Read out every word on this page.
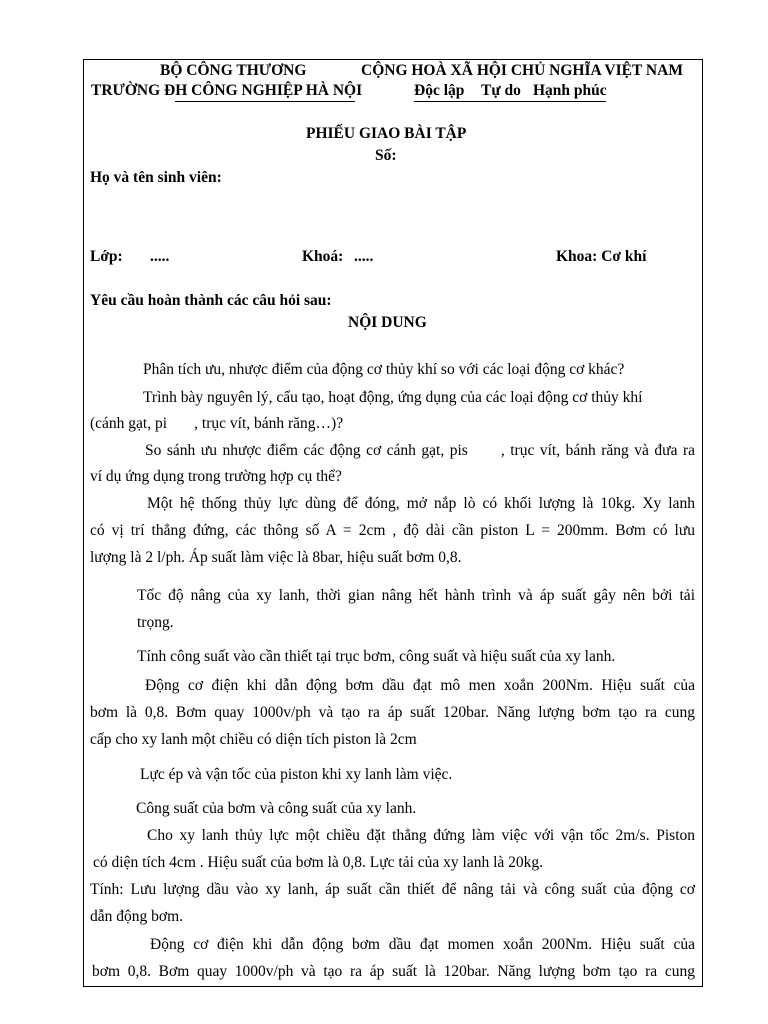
BỘ CÔNG THƯƠNG
TRƯỜNG ĐH CÔNG NGHIỆP HÀ NỘI
CỘNG HOÀ XÃ HỘI CHỦ NGHĨA VIỆT NAM
Độc lập Tự do Hạnh phúc
PHIẾU GIAO BÀI TẬP
Số:
Họ và tên sinh viên:
Lớp: .....	Khoá: .....	Khoa: Cơ khí
Yêu cầu hoàn thành các câu hỏi sau:
NỘI DUNG
Phân tích ưu, nhược điểm của động cơ thủy khí so với các loại động cơ khác?
Trình bày nguyên lý, cấu tạo, hoạt động, ứng dụng của các loại động cơ thủy khí
(cánh gạt, pi       , trục vít, bánh răng…)?
So sánh ưu nhược điểm các động cơ cánh gạt, pis      , trục vít, bánh răng và đưa ra
ví dụ ứng dụng trong trường hợp cụ thể?
Một hệ thống thủy lực dùng để đóng, mở nắp lò có khối lượng là 10kg. Xy lanh
có vị trí thẳng đứng, các thông số A = 2cm , độ dài cần piston L = 200mm. Bơm có lưu
lượng là 2 l/ph. Áp suất làm việc là 8bar, hiệu suất bơm 0,8.
Tốc độ nâng của xy lanh, thời gian nâng hết hành trình và áp suất gây nên bởi tải
trọng.
Tính công suất vào cần thiết tại trục bơm, công suất và hiệu suất của xy lanh.
Động cơ điện khi dẫn động bơm dầu đạt mô men xoắn 200Nm. Hiệu suất của
bơm là 0,8. Bơm quay 1000v/ph và tạo ra áp suất 120bar. Năng lượng bơm tạo ra cung
cấp cho xy lanh một chiều có diện tích piston là 2cm
Lực ép và vận tốc của piston khi xy lanh làm việc.
Công suất của bơm và công suất của xy lanh.
Cho xy lanh thủy lực một chiều đặt thẳng đứng làm việc với vận tốc 2m/s. Piston
có diện tích 4cm . Hiệu suất của bơm là 0,8. Lực tải của xy lanh là 20kg.
Tính: Lưu lượng dầu vào xy lanh, áp suất cần thiết để nâng tải và công suất của động cơ
dẫn động bơm.
Động cơ điện khi dẫn động bơm dầu đạt momen xoắn 200Nm. Hiệu suất của
bơm 0,8. Bơm quay 1000v/ph và tạo ra áp suất là 120bar. Năng lượng bơm tạo ra cung
